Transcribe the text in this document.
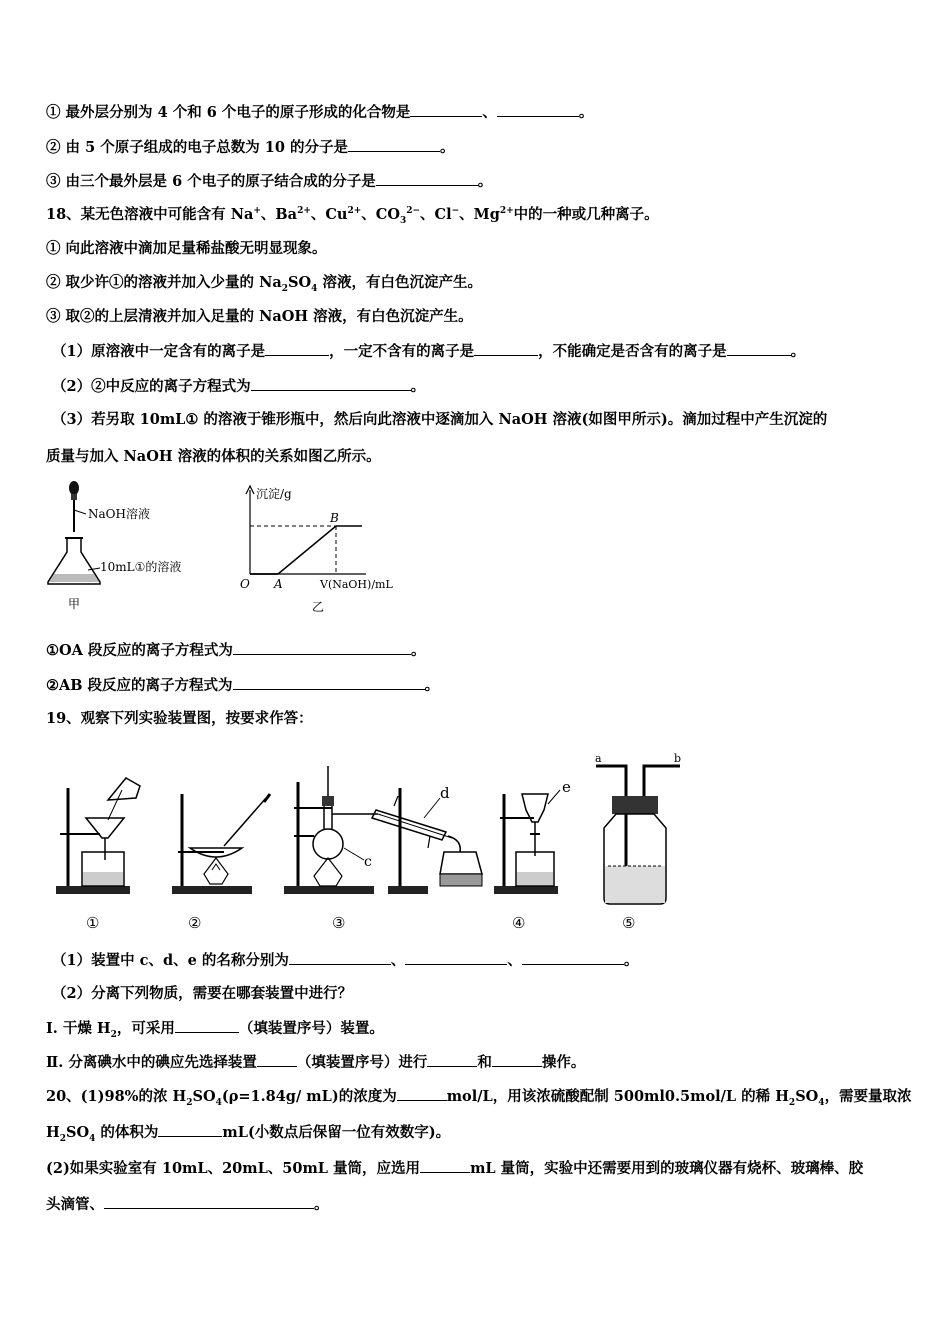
① 最外层分别为 4 个和 6 个电子的原子形成的化合物是	、	。
② 由 5 个原子组成的电子总数为 10 的分子是	。
③ 由三个最外层是 6 个电子的原子结合成的分子是	。
18、某无色溶液中可能含有 Na+、$Ba^{2+}$、$Cu^{2+}$、$CO_3^{2-}$、Cl−、$Mg^{2+}$中的一种或几种离子。
① 向此溶液中滴加足量稀盐酸无明显现象。
② 取少许①的溶液并加入少量的 $Na_2SO_4$ 溶液，有白色沉淀产生。
③ 取②的上层清液并加入足量的 NaOH 溶液，有白色沉淀产生。
（1）原溶液中一定含有的离子是	，一定不含有的离子是	，不能确定是否含有的离子是	。
（2）②中反应的离子方程式为	。
（3）若另取 10mL① 的溶液于锥形瓶中，然后向此溶液中逐滴加入 NaOH 溶液(如图甲所示)。滴加过程中产生沉淀的
质量与加入 NaOH 溶液的体积的关系如图乙所示。
NaOH溶液
10mL①的溶液
甲
沉淀/g
B
O A	V(NaOH)/mL
乙
①OA 段反应的离子方程式为	。
②AB 段反应的离子方程式为	。
19、观察下列实验装置图，按要求作答：
①	②
c
③
d	e
④
a	b
⑤
（1）装置中 c、d、e 的名称分别为	、	、	。
（2）分离下列物质，需要在哪套装置中进行？
Ⅰ. 干燥 $H_2$，可采用	（填装置序号）装置。
Ⅱ. 分离碘水中的碘应先选择装置	（填装置序号）进行	和	操作。
20、(1)98%的浓 $H_2SO_4(\rho=1.84g/$ mL)的浓度为	mol/L，用该浓硫酸配制 500ml0.5mol/L 的稀 $H_2SO_4$，需要量取浓
$H_2SO_4$ 的体积为	mL(小数点后保留一位有效数字)。
(2)如果实验室有 10mL、20mL、50mL 量筒，应选用	mL 量筒，实验中还需要用到的玻璃仪器有烧杯、玻璃棒、胶
头滴管、	。
